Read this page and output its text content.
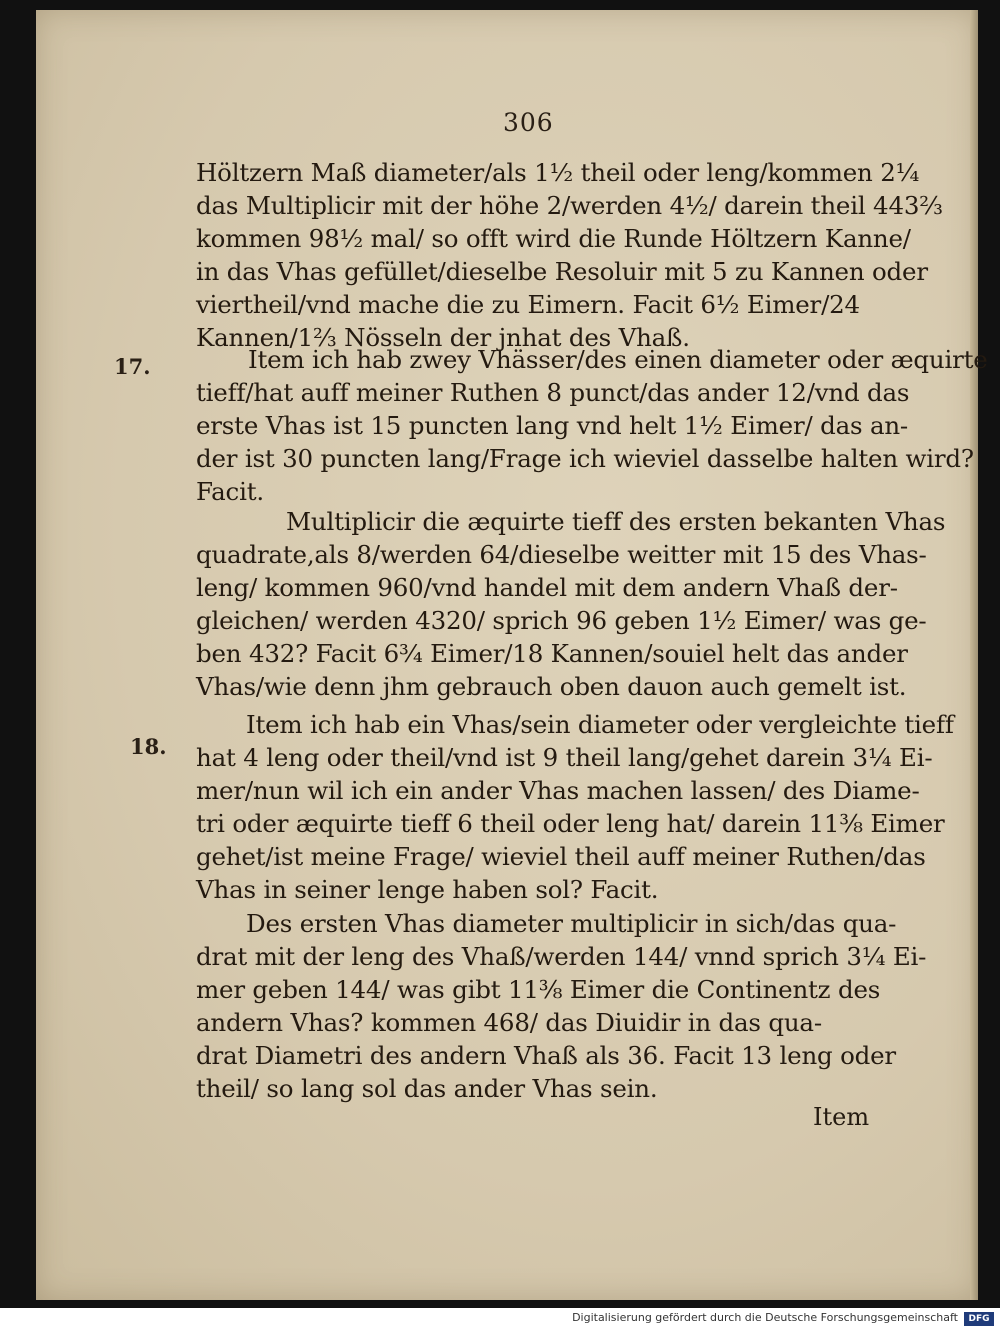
306
17.
18.
Höltzern Maß diameter/als 1½ theil oder leng/kommen 2¼
das Multiplicir mit der höhe 2/werden 4½/ darein theil 443⅔
kommen 98½ mal/ so offt wird die Runde Höltzern Kanne/
in das Vhas gefüllet/dieselbe Resoluir mit 5 zu Kannen oder
viertheil/vnd mache die zu Eimern. Facit 6½ Eimer/24
Kannen/1⅔ Nösseln der jnhat des Vhaß.
Item ich hab zwey Vhässer/des einen diameter oder æquirte
tieff/hat auff meiner Ruthen 8 punct/das ander 12/vnd das
erste Vhas ist 15 puncten lang vnd helt 1½ Eimer/ das an-
der ist 30 puncten lang/Frage ich wieviel dasselbe halten wird?
Facit.
Multiplicir die æquirte tieff des ersten bekanten Vhas
quadrate,als 8/werden 64/dieselbe weitter mit 15 des Vhas-
leng/ kommen 960/vnd handel mit dem andern Vhaß der-
gleichen/ werden 4320/ sprich 96 geben 1½ Eimer/ was ge-
ben 432? Facit 6¾ Eimer/18 Kannen/souiel helt das ander
Vhas/wie denn jhm gebrauch oben dauon auch gemelt ist.
Item ich hab ein Vhas/sein diameter oder vergleichte tieff
hat 4 leng oder theil/vnd ist 9 theil lang/gehet darein 3¼ Ei-
mer/nun wil ich ein ander Vhas machen lassen/ des Diame-
tri oder æquirte tieff 6 theil oder leng hat/ darein 11⅜ Eimer
gehet/ist meine Frage/ wieviel theil auff meiner Ruthen/das
Vhas in seiner lenge haben sol? Facit.
Des ersten Vhas diameter multiplicir in sich/das qua-
drat mit der leng des Vhaß/werden 144/ vnnd sprich 3¼ Ei-
mer geben 144/ was gibt 11⅜ Eimer die Continentz des
andern Vhas? kommen 468/ das Diuidir in das qua-
drat Diametri des andern Vhaß als 36. Facit 13 leng oder
theil/ so lang sol das ander Vhas sein.
Item
Digitalisierung gefördert durch die Deutsche Forschungsgemeinschaft	DFG
